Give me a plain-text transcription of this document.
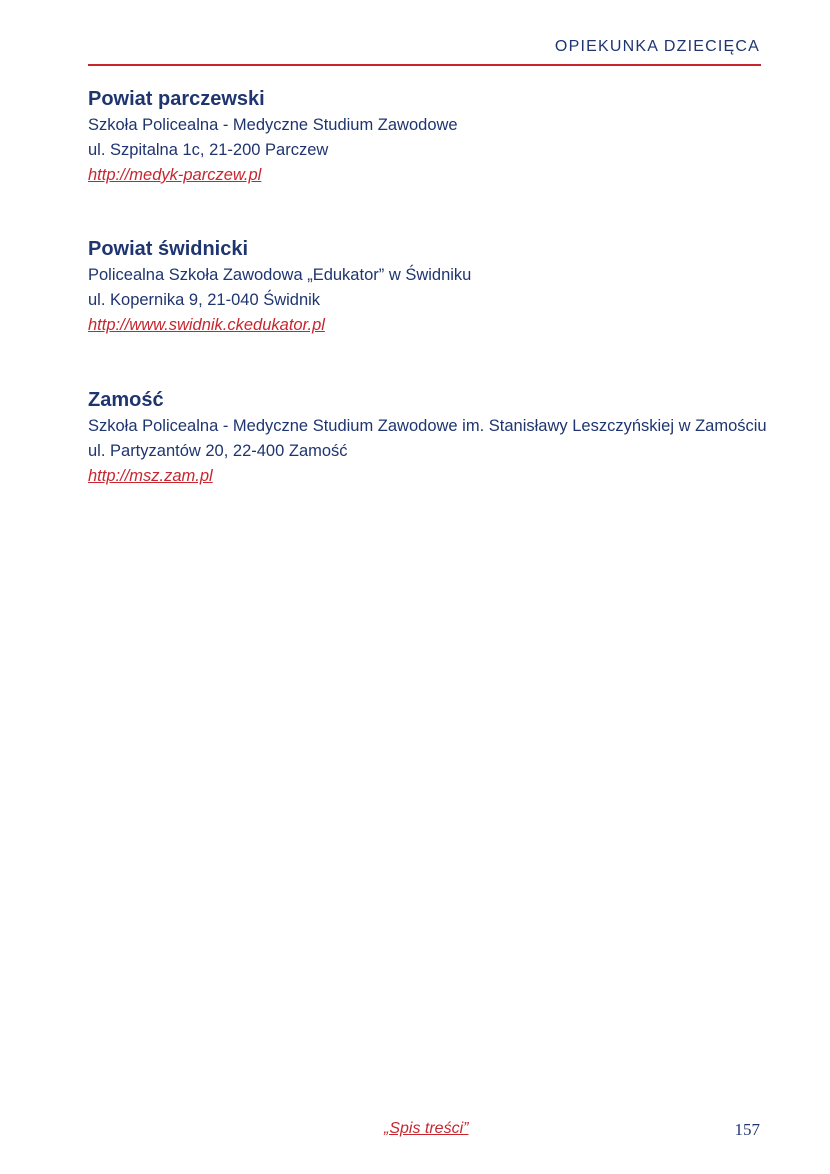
OPIEKUNKA DZIECIĘCA
Powiat parczewski
Szkoła Policealna - Medyczne Studium Zawodowe
ul. Szpitalna 1c, 21-200 Parczew
http://medyk-parczew.pl
Powiat świdnicki
Policealna Szkoła Zawodowa „Edukator” w Świdniku
ul. Kopernika 9, 21-040 Świdnik
http://www.swidnik.ckedukator.pl
Zamość
Szkoła Policealna - Medyczne Studium Zawodowe im. Stanisławy Leszczyńskiej w Zamościu
ul. Partyzantów 20, 22-400 Zamość
http://msz.zam.pl
„Spis treści”	157
